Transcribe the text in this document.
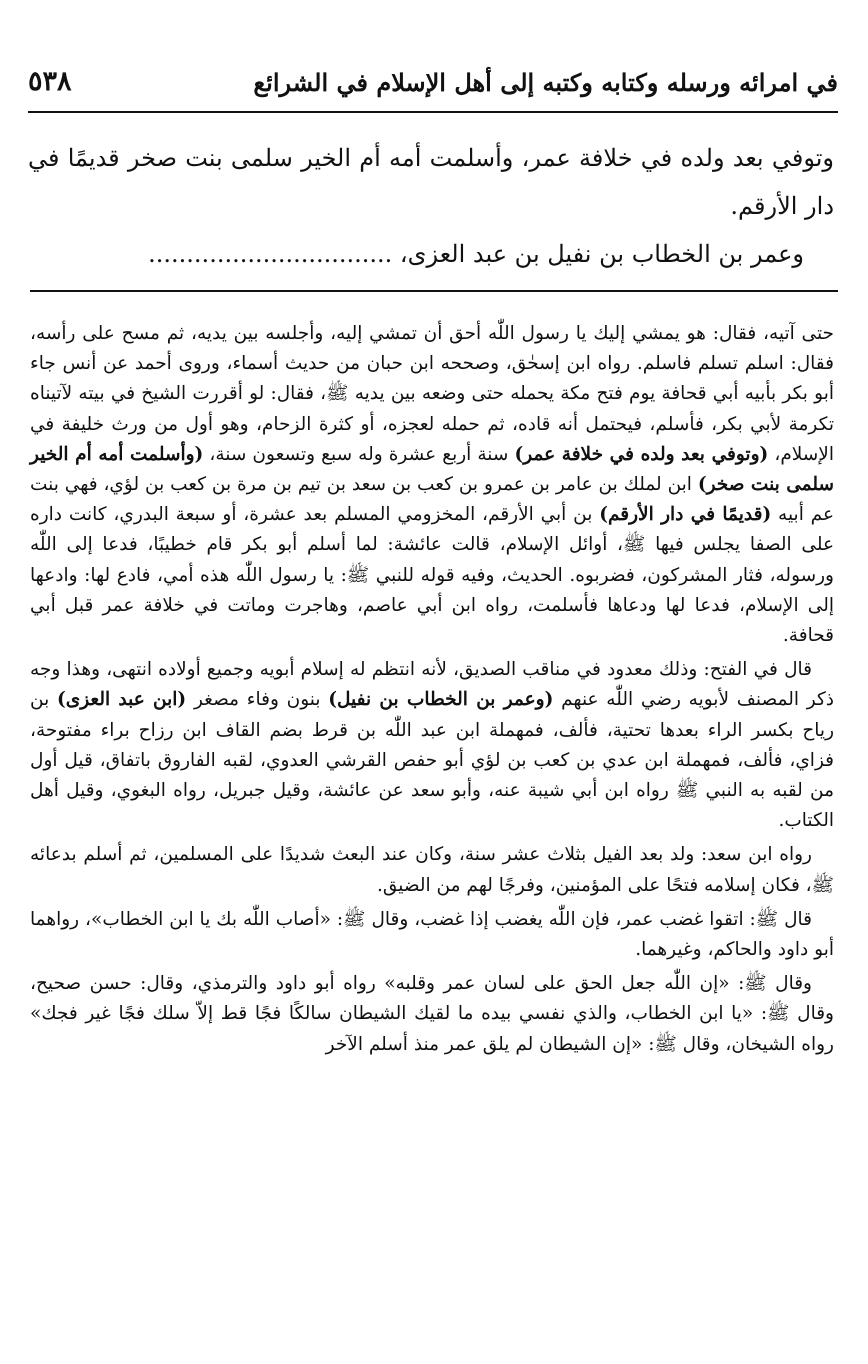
في امرائه ورسله وكتابه وكتبه إلى أهل الإسلام في الشرائع
٥٣٨

وتوفي بعد ولده في خلافة عمر، وأسلمت أمه أم الخير سلمى بنت صخر قديمًا في دار الأرقم.

وعمر بن الخطاب بن نفيل بن عبد العزى، ................................

حتى آتيه، فقال: هو يمشي إليك يا رسول اللّٰه أحق أن تمشي إليه، وأجلسه بين يديه، ثم مسح على رأسه، فقال: اسلم تسلم فاسلم. رواه ابن إسحٰق، وصححه ابن حبان من حديث أسماء، وروى أحمد عن أنس جاء أبو بكر بأبيه أبي قحافة يوم فتح مكة يحمله حتى وضعه بين يديه ﷺ، فقال: لو أقررت الشيخ في بيته لآتيناه تكرمة لأبي بكر، فأسلم، فيحتمل أنه قاده، ثم حمله لعجزه، أو كثرة الزحام، وهو أول من ورث خليفة في الإسلام، (وتوفي بعد ولده في خلافة عمر) سنة أربع عشرة وله سبع وتسعون سنة، (وأسلمت أمه أم الخير سلمى بنت صخر) ابن لملك بن عامر بن عمرو بن كعب بن سعد بن تيم بن مرة بن كعب بن لؤي، فهي بنت عم أبيه (قديمًا في دار الأرقم) بن أبي الأرقم، المخزومي المسلم بعد عشرة، أو سبعة البدري، كانت داره على الصفا يجلس فيها ﷺ، أوائل الإسلام، قالت عائشة: لما أسلم أبو بكر قام خطيبًا، فدعا إلى اللّٰه ورسوله، فثار المشركون، فضربوه. الحديث، وفيه قوله للنبي ﷺ: يا رسول اللّٰه هذه أمي، فادع لها: وادعها إلى الإسلام، فدعا لها ودعاها فأسلمت، رواه ابن أبي عاصم، وهاجرت وماتت في خلافة عمر قبل أبي قحافة.

قال في الفتح: وذلك معدود في مناقب الصديق، لأنه انتظم له إسلام أبويه وجميع أولاده انتهى، وهذا وجه ذكر المصنف لأبويه رضي اللّٰه عنهم (وعمر بن الخطاب بن نفيل) بنون وفاء مصغر (ابن عبد العزى) بن رياح بكسر الراء بعدها تحتية، فألف، فمهملة ابن عبد اللّٰه بن قرط بضم القاف ابن رزاح براء مفتوحة، فزاي، فألف، فمهملة ابن عدي بن كعب بن لؤي أبو حفص القرشي العدوي، لقبه الفاروق باتفاق، قيل أول من لقبه به النبي ﷺ رواه ابن أبي شيبة عنه، وأبو سعد عن عائشة، وقيل جبريل، رواه البغوي، وقيل أهل الكتاب.

رواه ابن سعد: ولد بعد الفيل بثلاث عشر سنة، وكان عند البعث شديدًا على المسلمين، ثم أسلم بدعائه ﷺ، فكان إسلامه فتحًا على المؤمنين، وفرجًا لهم من الضيق.

قال ﷺ: اتقوا غضب عمر، فإن اللّٰه يغضب إذا غضب، وقال ﷺ: «أصاب اللّٰه بك يا ابن الخطاب»، رواهما أبو داود والحاكم، وغيرهما.

وقال ﷺ: «إن اللّٰه جعل الحق على لسان عمر وقلبه» رواه أبو داود والترمذي، وقال: حسن صحيح، وقال ﷺ: «يا ابن الخطاب، والذي نفسي بيده ما لقيك الشيطان سالكًا فجًا قط إلاّ سلك فجًا غير فجك» رواه الشيخان، وقال ﷺ: «إن الشيطان لم يلق عمر منذ أسلم الآخر
